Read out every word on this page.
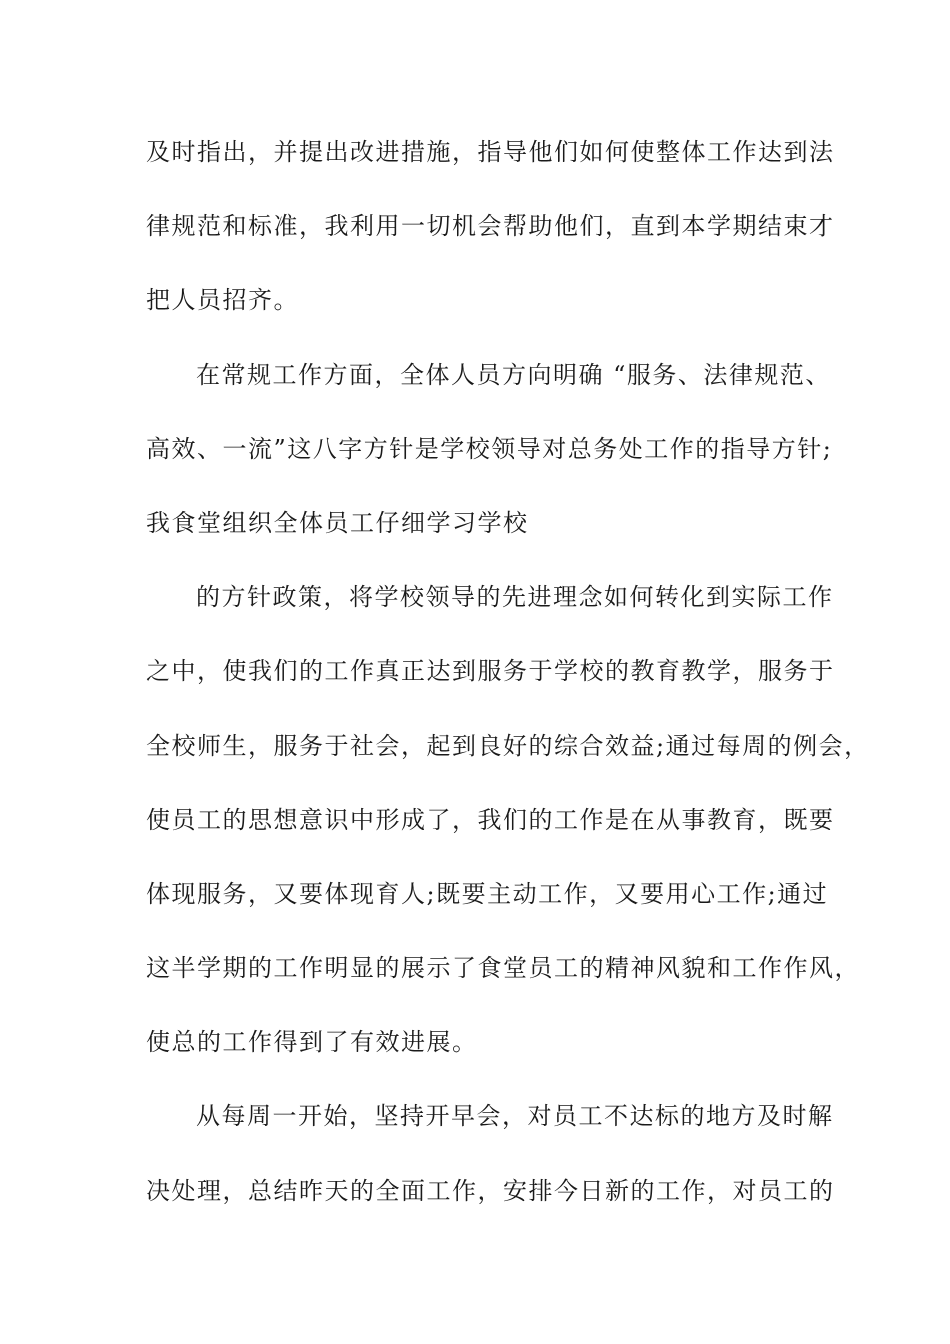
及时指出，并提出改进措施，指导他们如何使整体工作达到法
律规范和标准，我利用一切机会帮助他们，直到本学期结束才
把人员招齐。
在常规工作方面，全体人员方向明确 “服务、法律规范、
高效、一流”这八字方针是学校领导对总务处工作的指导方针;
我食堂组织全体员工仔细学习学校
的方针政策，将学校领导的先进理念如何转化到实际工作
之中，使我们的工作真正达到服务于学校的教育教学，服务于
全校师生，服务于社会，起到良好的综合效益;通过每周的例会，
使员工的思想意识中形成了，我们的工作是在从事教育，既要
体现服务，又要体现育人;既要主动工作，又要用心工作;通过
这半学期的工作明显的展示了食堂员工的精神风貌和工作作风，
使总的工作得到了有效进展。
从每周一开始，坚持开早会，对员工不达标的地方及时解
决处理，总结昨天的全面工作，安排今日新的工作，对员工的
